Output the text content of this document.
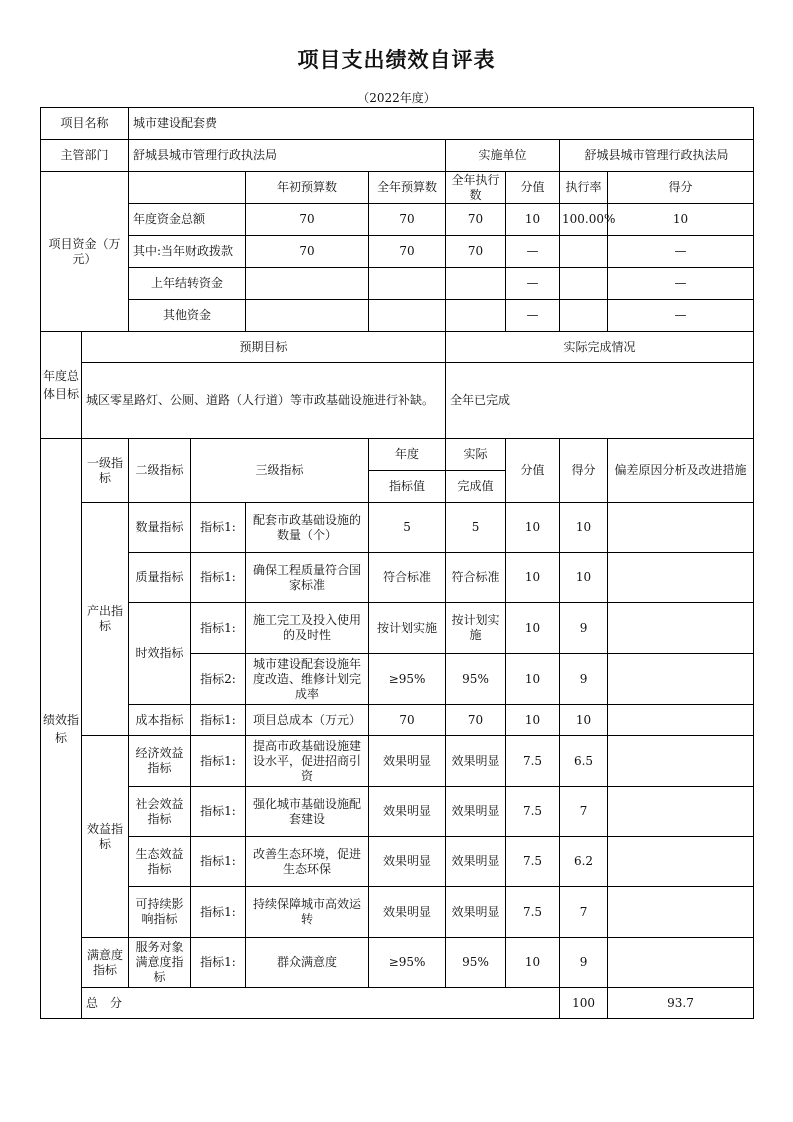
项目支出绩效自评表
（2022年度）
项目名称		城市建设配套费								
主管部门		舒城县城市管理行政执法局				实施单位		舒城县城市管理行政执法局		
项目资金（万元）				年初预算数	全年预算数	全年执行数	分值	执行率	得分	
		年度资金总额		70	70	70	10	100.00%	10	
		其中:当年财政拨款		70	70	70	—		—	
		上年结转资金					—		—	
		其他资金					—		—	
年度总体目标	预期目标					实际完成情况				
	城区零星路灯、公厕、道路（人行道）等市政基础设施进行补缺。					全年已完成				
绩效指标	一级指标	二级指标	三级指标		年度	实际	分值	得分	偏差原因分析及改进措施	
					指标值	完成值				
	产出指标	数量指标	指标1:	配套市政基础设施的数量（个）	5	5	10	10		
		质量指标	指标1:	确保工程质量符合国家标准	符合标准	符合标准	10	10		
		时效指标	指标1:	施工完工及投入使用的及时性	按计划实施	按计划实施	10	9		
			指标2:	城市建设配套设施年度改造、维修计划完成率	≥95%	95%	10	9		
		成本指标	指标1:	项目总成本（万元）	70	70	10	10		
	效益指标	经济效益指标	指标1:	提高市政基础设施建设水平，促进招商引资	效果明显	效果明显	7.5	6.5		
		社会效益指标	指标1:	强化城市基础设施配套建设	效果明显	效果明显	7.5	7		
		生态效益指标	指标1:	改善生态环境，促进生态环保	效果明显	效果明显	7.5	6.2		
		可持续影响指标	指标1:	持续保障城市高效运转	效果明显	效果明显	7.5	7		
	满意度指标	服务对象满意度指标	指标1:	群众满意度	≥95%	95%	10	9		
	总　分							100	93.7	
